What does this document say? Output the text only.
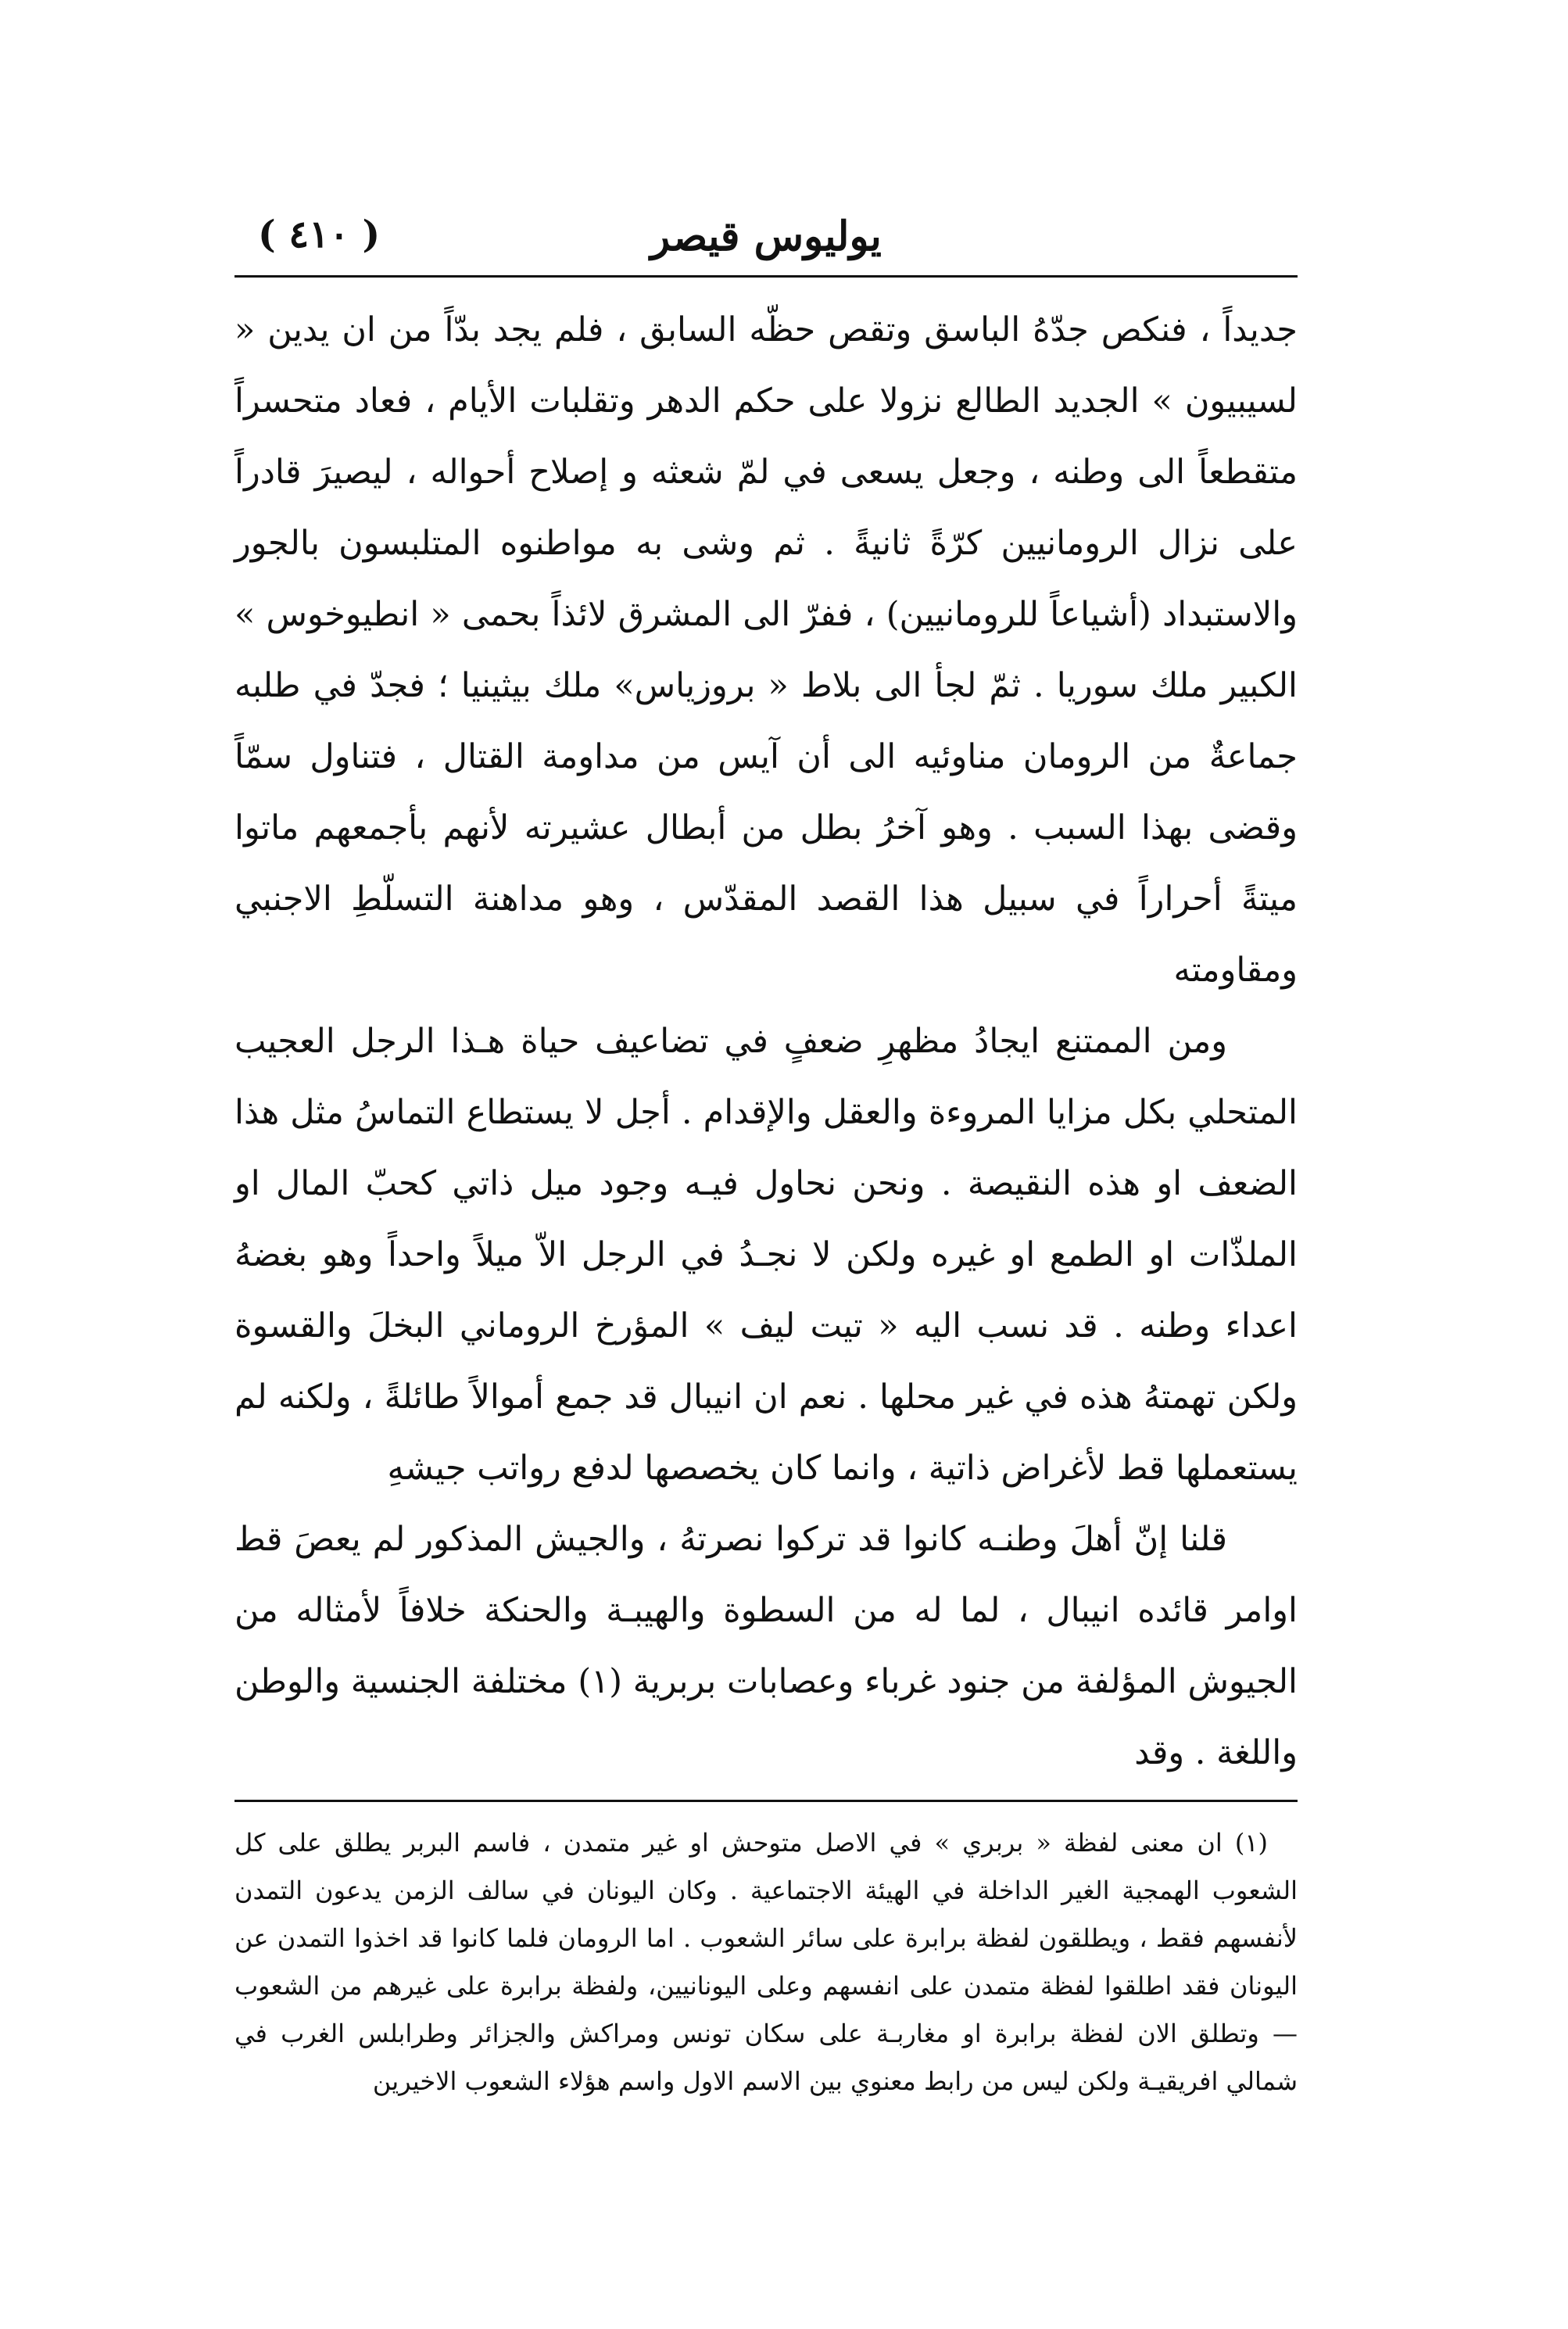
يوليوس قيصر
( ٤١٠ )

جديداً ، فنكص جدّهُ الباسق وتقص حظّه السابق ، فلم يجد بدّاً من ان يدين « لسيبيون » الجديد الطالع نزولا على حكم الدهر وتقلبات الأيام ، فعاد متحسراً متقطعاً الى وطنه ، وجعل يسعى في لمّ شعثه و إصلاح أحواله ، ليصيرَ قادراً على نزال الرومانيين كرّةً ثانيةً . ثم وشى به مواطنوه المتلبسون بالجور والاستبداد (أشياعاً للرومانيين) ، ففرّ الى المشرق لائذاً بحمى « انطيوخوس » الكبير ملك سوريا . ثمّ لجأ الى بلاط « بروزياس» ملك بيثينيا ؛ فجدّ في طلبه جماعةٌ من الرومان مناوئيه الى أن آيس من مداومة القتال ، فتناول سمّاً وقضى بهذا السبب . وهو آخرُ بطل من أبطال عشيرته لأنهم بأجمعهم ماتوا ميتةً أحراراً في سبيل هذا القصد المقدّس ، وهو مداهنة التسلّطِ الاجنبي ومقاومته

ومن الممتنع ايجادُ مظهرِ ضعفٍ في تضاعيف حياة هـذا الرجل العجيب المتحلي بكل مزايا المروءة والعقل والإقدام . أجل لا يستطاع التماسُ مثل هذا الضعف او هذه النقيصة . ونحن نحاول فيـه وجود ميل ذاتي كحبّ المال او الملذّات او الطمع او غيره ولكن لا نجـدُ في الرجل الاّ ميلاً واحداً وهو بغضهُ اعداء وطنه . قد نسب اليه « تيت ليف » المؤرخ الروماني البخلَ والقسوة ولكن تهمتهُ هذه في غير محلها . نعم ان انيبال قد جمع أموالاً طائلةً ، ولكنه لم يستعملها قط لأغراض ذاتية ، وانما كان يخصصها لدفع رواتب جيشهِ

قلنا إنّ أهلَ وطنـه كانوا قد تركوا نصرتهُ ، والجيش المذكور لم يعصَ قط اوامر قائده انيبال ، لما له من السطوة والهيبـة والحنكة خلافاً لأمثاله من الجيوش المؤلفة من جنود غرباء وعصابات بربرية (١) مختلفة الجنسية والوطن واللغة . وقد

(١) ان معنى لفظة « بربري » في الاصل متوحش او غير متمدن ، فاسم البربر يطلق على كل الشعوب الهمجية الغير الداخلة في الهيئة الاجتماعية . وكان اليونان في سالف الزمن يدعون التمدن لأنفسهم فقط ، ويطلقون لفظة برابرة على سائر الشعوب . اما الرومان فلما كانوا قد اخذوا التمدن عن اليونان فقد اطلقوا لفظة متمدن على انفسهم وعلى اليونانيين، ولفظة برابرة على غيرهم من الشعوب — وتطلق الان لفظة برابرة او مغاربـة على سكان تونس ومراكش والجزائر وطرابلس الغرب في شمالي افريقيـة ولكن ليس من رابط معنوي بين الاسم الاول واسم هؤلاء الشعوب الاخيرين
